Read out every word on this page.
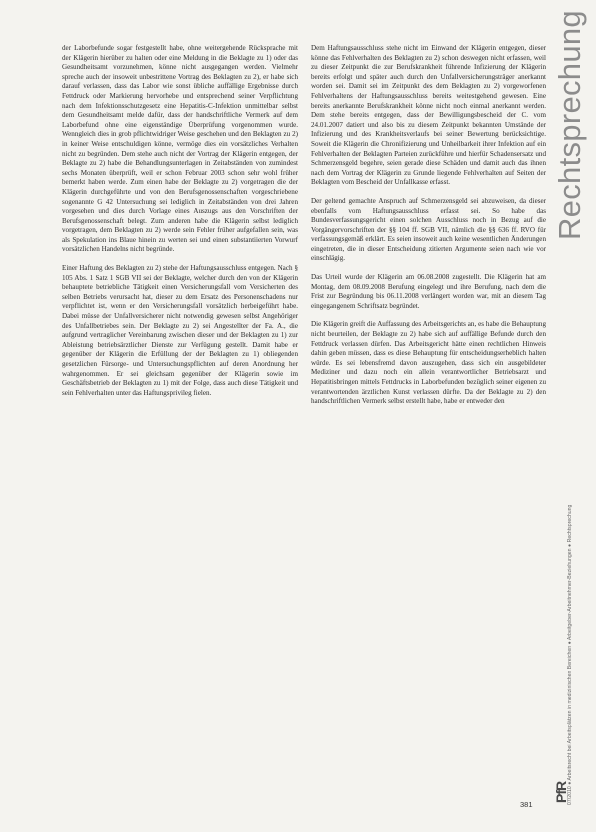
der Laborbefunde sogar festgestellt habe, ohne weitergehende Rücksprache mit der Klägerin hierüber zu halten oder eine Meldung in die Beklagte zu 1) oder das Gesundheitsamt vorzunehmen, könne nicht ausgegangen werden. Vielmehr spreche auch der insoweit unbestrittene Vortrag des Beklagten zu 2), er habe sich darauf verlassen, dass das Labor wie sonst übliche auffällige Ergebnisse durch Fettdruck oder Markierung hervorhebe und entsprechend seiner Verpflichtung nach dem Infektionsschutzgesetz eine Hepatitis-C-Infektion unmittelbar selbst dem Gesundheitsamt melde dafür, dass der handschriftliche Vermerk auf dem Laborbefund ohne eine eigenständige Überprüfung vorgenommen wurde. Wenngleich dies in grob pflichtwidriger Weise geschehen und den Beklagten zu 2) in keiner Weise entschuldigen könne, vermöge dies ein vorsätzliches Verhalten nicht zu begründen. Dem stehe auch nicht der Vortrag der Klägerin entgegen, der Beklagte zu 2) habe die Behandlungsunterlagen in Zeitabständen von zumindest sechs Monaten überprüft, weil er schon Februar 2003 schon sehr wohl früher bemerkt haben werde. Zum einen habe der Beklagte zu 2) vorgetragen die der Klägerin durchgeführte und von den Berufsgenossenschaften vorgeschriebene sogenannte G 42 Untersuchung sei lediglich in Zeitabständen von drei Jahren vorgesehen und dies durch Vorlage eines Auszugs aus den Vorschriften der Berufsgenossenschaft belegt. Zum anderen habe die Klägerin selbst lediglich vorgetragen, dem Beklagten zu 2) werde sein Fehler früher aufgefallen sein, was als Spekulation ins Blaue hinein zu werten sei und einen substantiierten Vorwurf vorsätzlichen Handelns nicht begründe.

Einer Haftung des Beklagten zu 2) stehe der Haftungsausschluss entgegen. Nach § 105 Abs. 1 Satz 1 SGB VII sei der Beklagte, welcher durch den von der Klägerin behauptete betriebliche Tätigkeit einen Versicherungsfall vom Versicherten des selben Betriebs verursacht hat, dieser zu dem Ersatz des Personenschadens nur verpflichtet ist, wenn er den Versicherungsfall vorsätzlich herbeigeführt habe. Dabei müsse der Unfallversicherer nicht notwendig gewesen selbst Angehöriger des Unfallbetriebes sein. Der Beklagte zu 2) sei Angestellter der Fa. A., die aufgrund vertraglicher Vereinbarung zwischen dieser und der Beklagten zu 1) zur Ableistung betriebsärztlicher Dienste zur Verfügung gestellt. Damit habe er gegenüber der Klägerin die Erfüllung der der Beklagten zu 1) obliegenden gesetzlichen Fürsorge- und Untersuchungspflichten auf deren Anordnung her wahrgenommen. Er sei gleichsam gegenüber der Klägerin sowie im Geschäftsbetrieb der Beklagten zu 1) mit der Folge, dass auch diese Tätigkeit und sein Fehlverhalten unter das Haftungsprivileg fielen.

Dem Haftungsausschluss stehe nicht im Einwand der Klägerin entgegen, dieser könne das Fehlverhalten des Beklagten zu 2) schon deswegen nicht erfassen, weil zu dieser Zeitpunkt die zur Berufskrankheit führende Infizierung der Klägerin bereits erfolgt und später auch durch den Unfallversicherungsträger anerkannt worden sei. Damit sei im Zeitpunkt des dem Beklagten zu 2) vorgeworfenen Fehlverhaltens der Haftungsausschluss bereits weitestgehend gewesen. Eine bereits anerkannte Berufskrankheit könne nicht noch einmal anerkannt werden. Dem stehe bereits entgegen, dass der Bewilligungsbescheid der C. vom 24.01.2007 datiert und also bis zu diesem Zeitpunkt bekannten Umstände der Infizierung und des Krankheitsverlaufs bei seiner Bewertung berücksichtige. Soweit die Klägerin die Chronifizierung und Unheilbarkeit ihrer Infektion auf ein Fehlverhalten der Beklagten Parteien zurückführe und hierfür Schadensersatz und Schmerzensgeld begehre, seien gerade diese Schäden und damit auch das ihnen nach dem Vortrag der Klägerin zu Grunde liegende Fehlverhalten auf Seiten der Beklagten vom Bescheid der Unfallkasse erfasst.

Der geltend gemachte Anspruch auf Schmerzensgeld sei abzuweisen, da dieser ebenfalls vom Haftungsausschluss erfasst sei. So habe das Bundesverfassungsgericht einen solchen Ausschluss noch in Bezug auf die Vorgängervorschriften der §§ 104 ff. SGB VII, nämlich die §§ 636 ff. RVO für verfassungsgemäß erklärt. Es seien insoweit auch keine wesentlichen Änderungen eingetreten, die in dieser Entscheidung zitierten Argumente seien nach wie vor einschlägig.

Das Urteil wurde der Klägerin am 06.08.2008 zugestellt. Die Klägerin hat am Montag, dem 08.09.2008 Berufung eingelegt und ihre Berufung, nach dem die Frist zur Begründung bis 06.11.2008 verlängert worden war, mit an diesem Tag eingegangenem Schriftsatz begründet.

Die Klägerin greift die Auffassung des Arbeitsgerichts an, es habe die Behauptung nicht beurteilen, der Beklagte zu 2) habe sich auf auffällige Befunde durch den Fettdruck verlassen dürfen. Das Arbeitsgericht hätte einen rechtlichen Hinweis dahin geben müssen, dass es diese Behauptung für entscheidungserheblich halten würde. Es sei lebensfremd davon auszugehen, dass sich ein ausgebildeter Mediziner und dazu noch ein allein verantwortlicher Betriebsarzt und Hepatitisbringen mittels Fettdrucks in Laborbefunden bezüglich seiner eigenen zu verantwortenden ärztlichen Kunst verlassen dürfte. Da der Beklagte zu 2) den handschriftlichen Vermerk selbst erstellt habe, habe er entweder den

Rechtsprechung
07/2010 ● Arbeitsrecht bei Arbeitsplätzen in medizinischen Bereichen ● Arbeitgeber-Arbeitnehmer-Beziehungen ● Rechtsprechung
PfR
381
